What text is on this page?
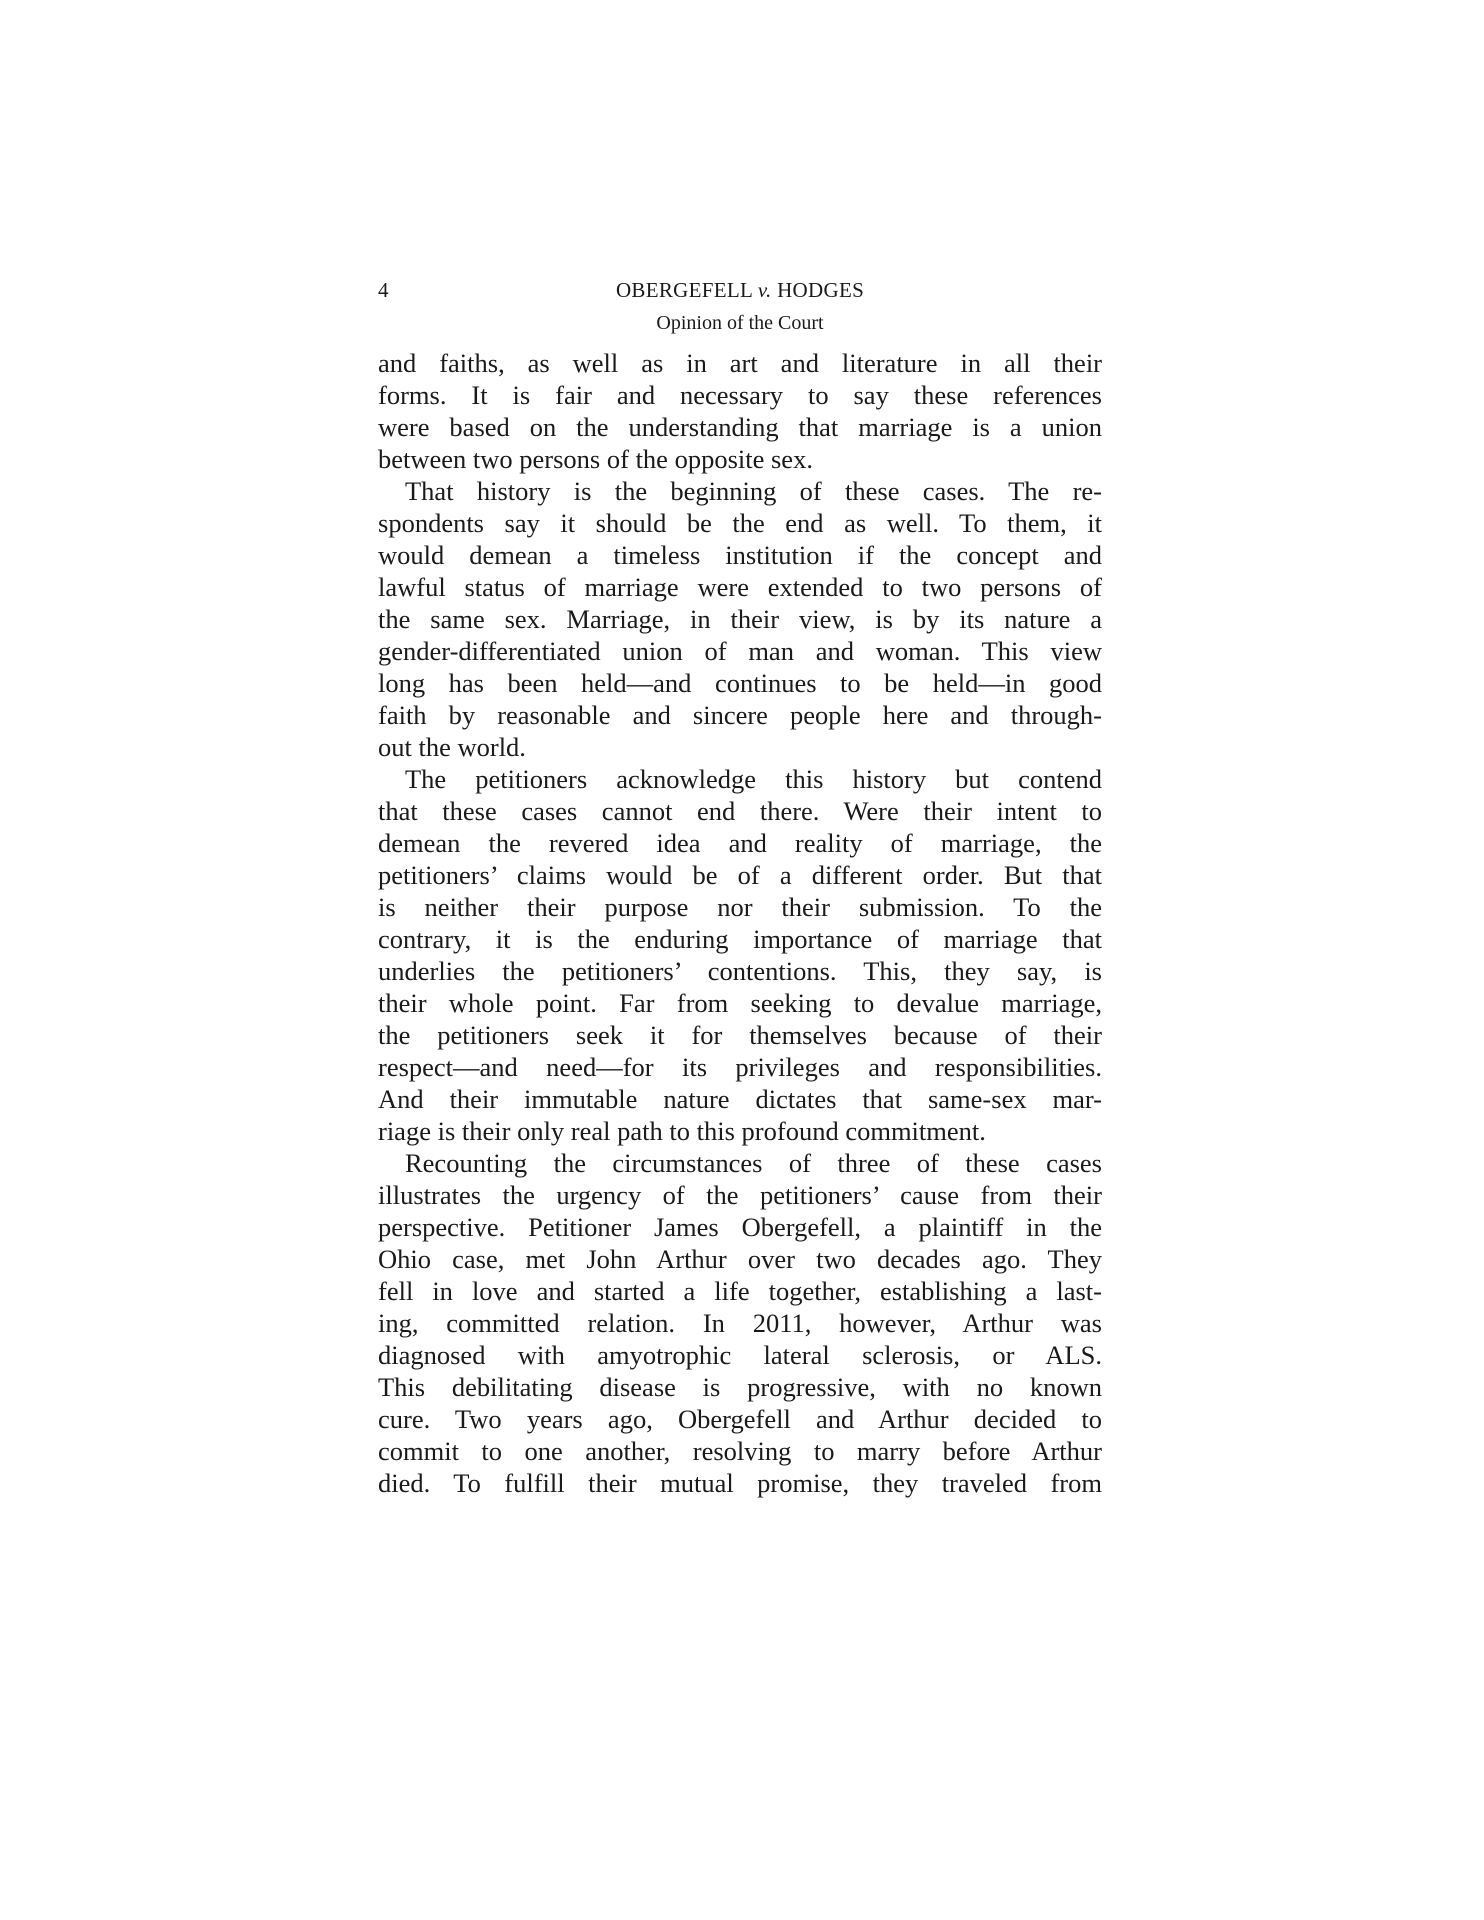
4	OBERGEFELL v. HODGES
Opinion of the Court

and faiths, as well as in art and literature in all their

forms. It is fair and necessary to say these references

were based on the understanding that marriage is a union

between two persons of the opposite sex.

That history is the beginning of these cases. The re-

spondents say it should be the end as well. To them, it

would demean a timeless institution if the concept and

lawful status of marriage were extended to two persons of

the same sex. Marriage, in their view, is by its nature a

gender-differentiated union of man and woman. This view

long has been held—and continues to be held—in good

faith by reasonable and sincere people here and through-

out the world.

The petitioners acknowledge this history but contend

that these cases cannot end there. Were their intent to

demean the revered idea and reality of marriage, the

petitioners’ claims would be of a different order. But that

is neither their purpose nor their submission. To the

contrary, it is the enduring importance of marriage that

underlies the petitioners’ contentions. This, they say, is

their whole point. Far from seeking to devalue marriage,

the petitioners seek it for themselves because of their

respect—and need—for its privileges and responsibilities.

And their immutable nature dictates that same-sex mar-

riage is their only real path to this profound commitment.

Recounting the circumstances of three of these cases

illustrates the urgency of the petitioners’ cause from their

perspective. Petitioner James Obergefell, a plaintiff in the

Ohio case, met John Arthur over two decades ago. They

fell in love and started a life together, establishing a last-

ing, committed relation. In 2011, however, Arthur was

diagnosed with amyotrophic lateral sclerosis, or ALS.

This debilitating disease is progressive, with no known

cure. Two years ago, Obergefell and Arthur decided to

commit to one another, resolving to marry before Arthur

died. To fulfill their mutual promise, they traveled from
